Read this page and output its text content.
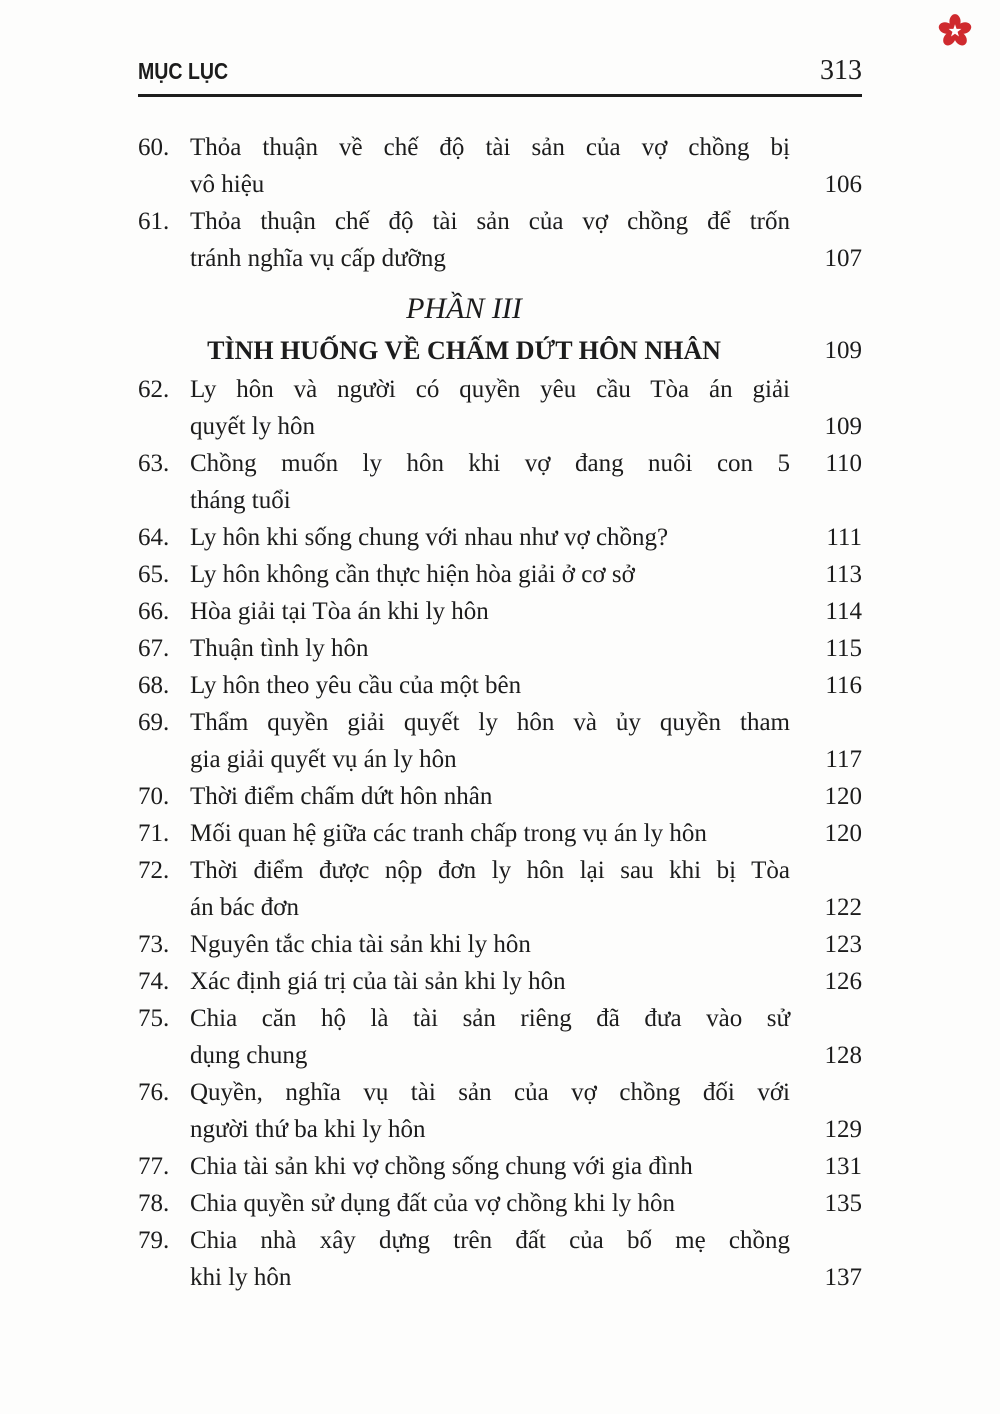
MỤC LỤC	313
60. Thỏa thuận về chế độ tài sản của vợ chồng bị
vô hiệu	106
61. Thỏa thuận chế độ tài sản của vợ chồng để trốn
tránh nghĩa vụ cấp dưỡng	107
PHẦN III
TÌNH HUỐNG VỀ CHẤM DỨT HÔN NHÂN	109
62. Ly hôn và người có quyền yêu cầu Tòa án giải
quyết ly hôn	109
63. Chồng muốn ly hôn khi vợ đang nuôi con 5	110
tháng tuổi
64. Ly hôn khi sống chung với nhau như vợ chồng?	111
65. Ly hôn không cần thực hiện hòa giải ở cơ sở	113
66. Hòa giải tại Tòa án khi ly hôn	114
67. Thuận tình ly hôn	115
68. Ly hôn theo yêu cầu của một bên	116
69. Thẩm quyền giải quyết ly hôn và ủy quyền tham
gia giải quyết vụ án ly hôn	117
70. Thời điểm chấm dứt hôn nhân	120
71. Mối quan hệ giữa các tranh chấp trong vụ án ly hôn	120
72. Thời điểm được nộp đơn ly hôn lại sau khi bị Tòa
án bác đơn	122
73. Nguyên tắc chia tài sản khi ly hôn	123
74. Xác định giá trị của tài sản khi ly hôn	126
75. Chia căn hộ là tài sản riêng đã đưa vào sử
dụng chung	128
76. Quyền, nghĩa vụ tài sản của vợ chồng đối với
người thứ ba khi ly hôn	129
77. Chia tài sản khi vợ chồng sống chung với gia đình	131
78. Chia quyền sử dụng đất của vợ chồng khi ly hôn	135
79. Chia nhà xây dựng trên đất của bố mẹ chồng
khi ly hôn	137
